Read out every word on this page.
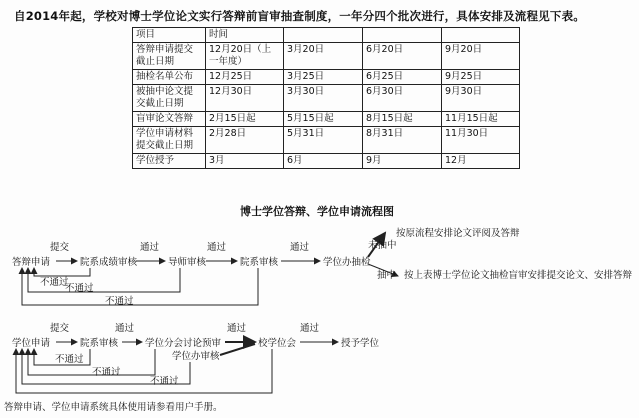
自2014年起，学校对博士学位论文实行答辩前盲审抽查制度，一年分四个批次进行，具体安排及流程见下表。
项目	时间			
答辩申请提交截止日期	12月20日（上一年度）	3月20日	6月20日	9月20日
抽检名单公布	12月25日	3月25日	6月25日	9月25日
被抽中论文提交截止日期	12月30日	3月30日	6月30日	9月30日
盲审论文答辩	2月15日起	5月15日起	8月15日起	11月15日起
学位申请材料提交截止日期	2月28日	5月31日	8月31日	11月30日
学位授予	3月	6月	9月	12月
博士学位答辩、学位申请流程图
答辩申请	院系成绩审核	导师审核	院系审核	学位办抽检
提交	通过	通过	通过
不通过
不通过
不通过
未抽中
按原流程安排论文评阅及答辩
抽中 按上表博士学位论文抽检盲审安排提交论文、安排答辩
学位申请	院系审核	学位分会讨论预审
学位办审核
校学位会	授予学位
提交	通过	通过	通过
不通过
不通过
不通过
答辩申请、学位申请系统具体使用请参看用户手册。
